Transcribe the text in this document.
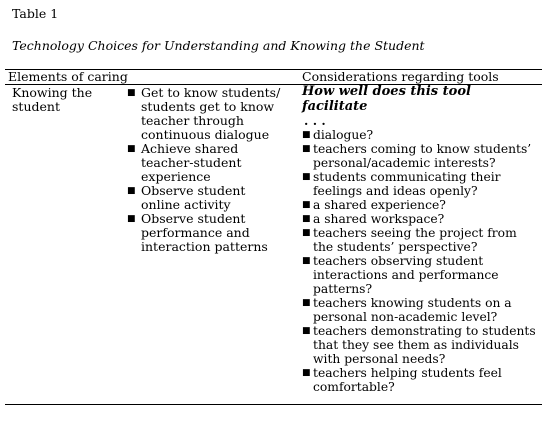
Table 1
Technology Choices for Understanding and Knowing the Student
Elements of caring	Considerations regarding tools
Knowing the student
■ Get to know students/ students get to know teacher through continuous dialogue
■ Achieve shared teacher-student experience
■ Observe student online activity
■ Observe student performance and interaction patterns
How well does this tool facilitate
. . .
■ dialogue?
■ teachers coming to know students’ personal/academic interests?
■ students communicating their feelings and ideas openly?
■ a shared experience?
■ a shared workspace?
■ teachers seeing the project from the students’ perspective?
■ teachers observing student interactions and performance patterns?
■ teachers knowing students on a personal non-academic level?
■ teachers demonstrating to students that they see them as individuals with personal needs?
■ teachers helping students feel comfortable?
